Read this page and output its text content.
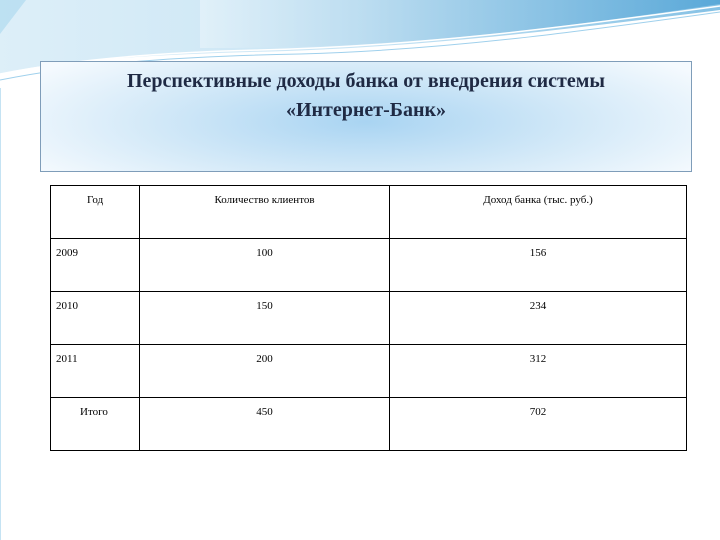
Перспективные доходы банка от внедрения системы
«Интернет-Банк»
Год	Количество клиентов	Доход банка (тыс. руб.)

2009	100	156

2010	150	234

2011	200	312

Итого	450	702
